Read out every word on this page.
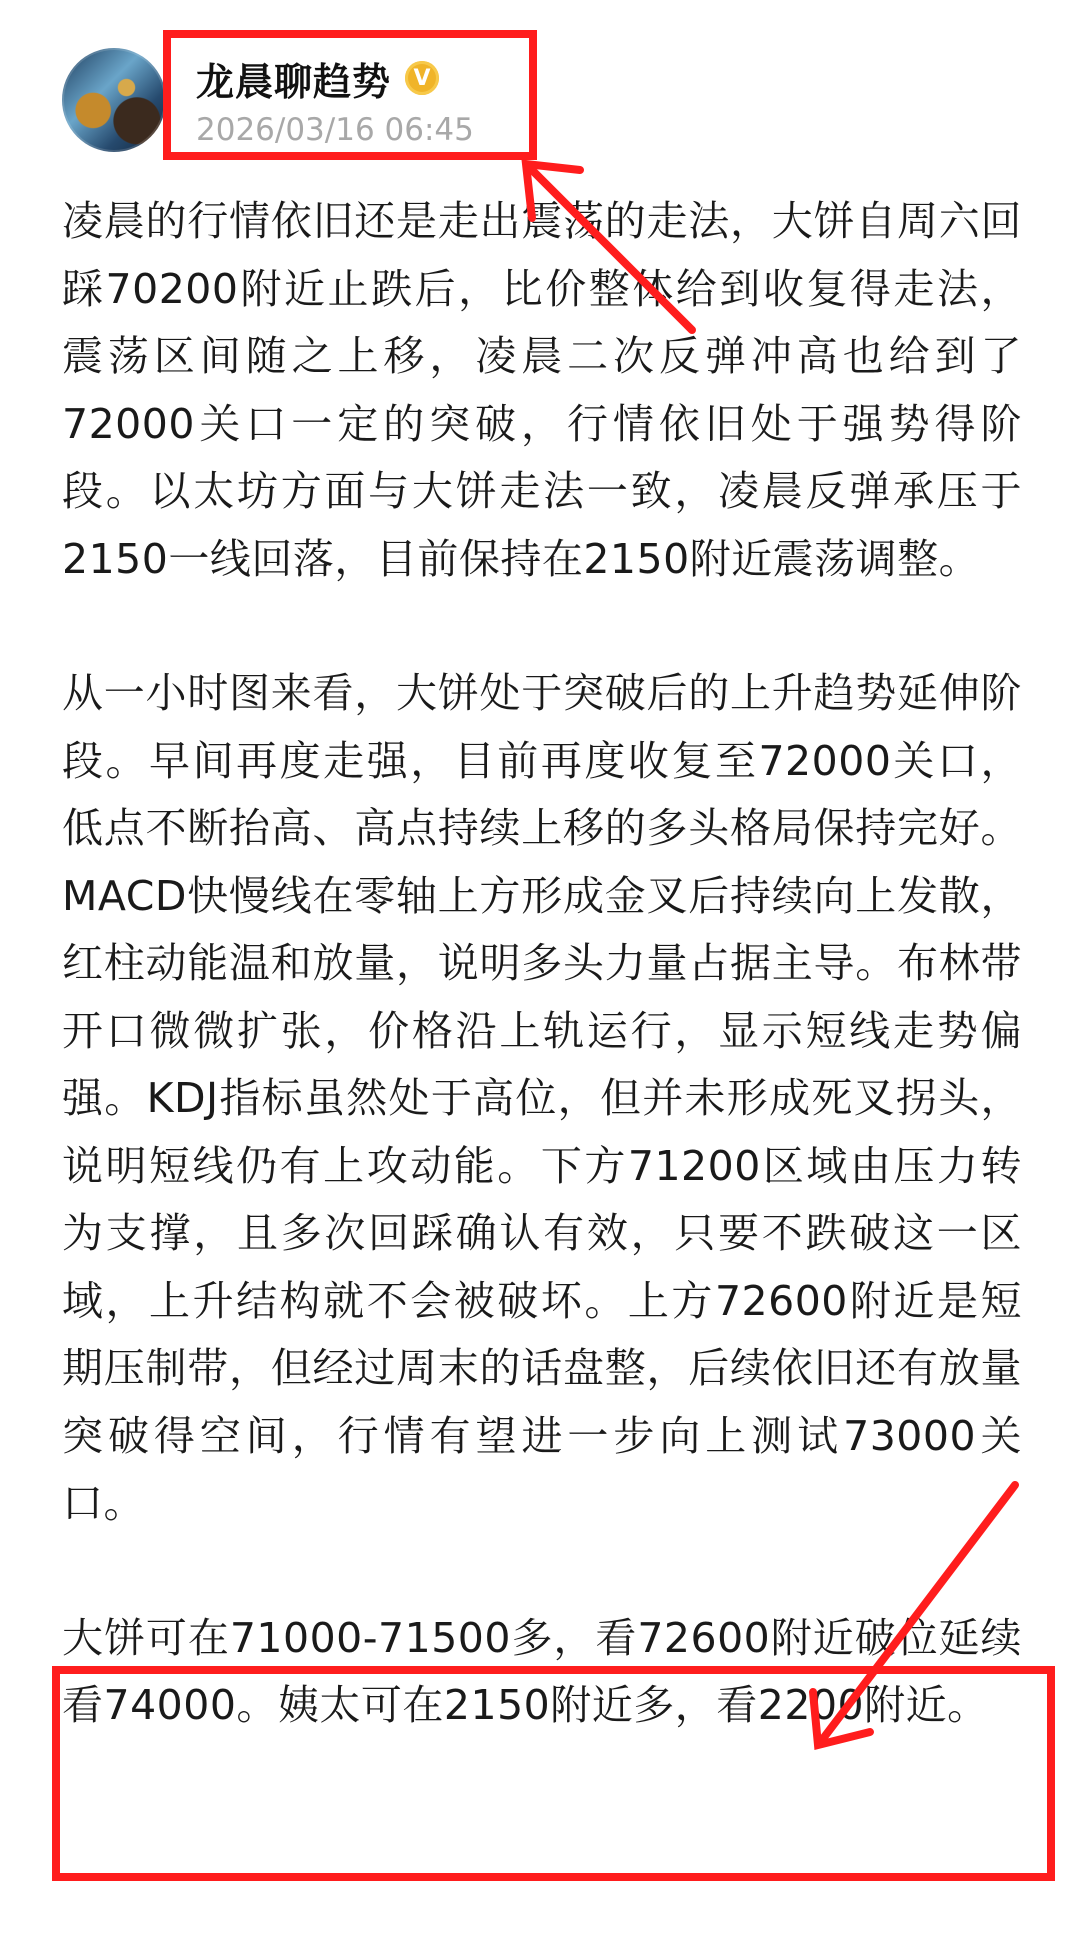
龙晨聊趋势	V
2026/03/16 06:45

凌晨的行情依旧还是走出震荡的走法，大饼自周六回踩70200附近止跌后，比价整体给到收复得走法，震荡区间随之上移，凌晨二次反弹冲高也给到了72000关口一定的突破，行情依旧处于强势得阶段。以太坊方面与大饼走法一致，凌晨反弹承压于2150一线回落，目前保持在2150附近震荡调整。

从一小时图来看，大饼处于突破后的上升趋势延伸阶段。早间再度走强，目前再度收复至72000关口，低点不断抬高、高点持续上移的多头格局保持完好。MACD快慢线在零轴上方形成金叉后持续向上发散，红柱动能温和放量，说明多头力量占据主导。布林带开口微微扩张，价格沿上轨运行，显示短线走势偏强。KDJ指标虽然处于高位，但并未形成死叉拐头，说明短线仍有上攻动能。下方71200区域由压力转为支撑，且多次回踩确认有效，只要不跌破这一区域，上升结构就不会被破坏。上方72600附近是短期压制带，但经过周末的话盘整，后续依旧还有放量突破得空间，行情有望进一步向上测试73000关口。

大饼可在71000-71500多，看72600附近破位延续看74000。姨太可在2150附近多，看2200附近。
